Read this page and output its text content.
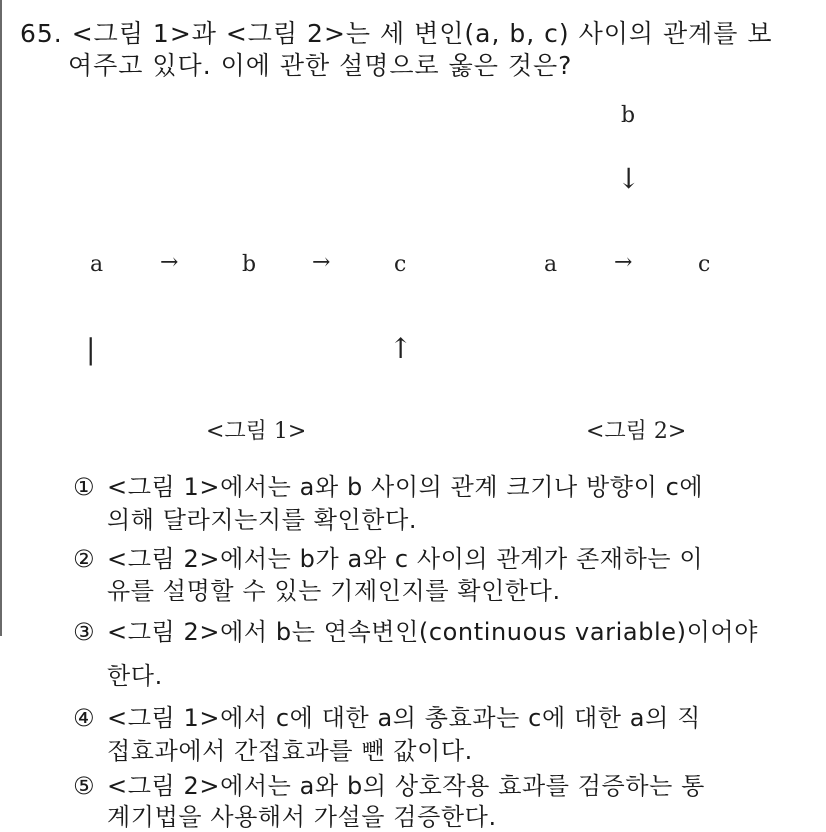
65. <그림 1>과 <그림 2>는 세 변인(a, b, c) 사이의 관계를 보
여주고 있다. 이에 관한 설명으로 옳은 것은?
a	→	b	→	c
|	↑
<그림 1>
b
↓
a	→	c
<그림 2>
① <그림 1>에서는 a와 b 사이의 관계 크기나 방향이 c에
의해 달라지는지를 확인한다.
② <그림 2>에서는 b가 a와 c 사이의 관계가 존재하는 이
유를 설명할 수 있는 기제인지를 확인한다.
③ <그림 2>에서 b는 연속변인(continuous variable)이어야
한다.
④ <그림 1>에서 c에 대한 a의 총효과는 c에 대한 a의 직
접효과에서 간접효과를 뺀 값이다.
⑤ <그림 2>에서는 a와 b의 상호작용 효과를 검증하는 통
계기법을 사용해서 가설을 검증한다.
